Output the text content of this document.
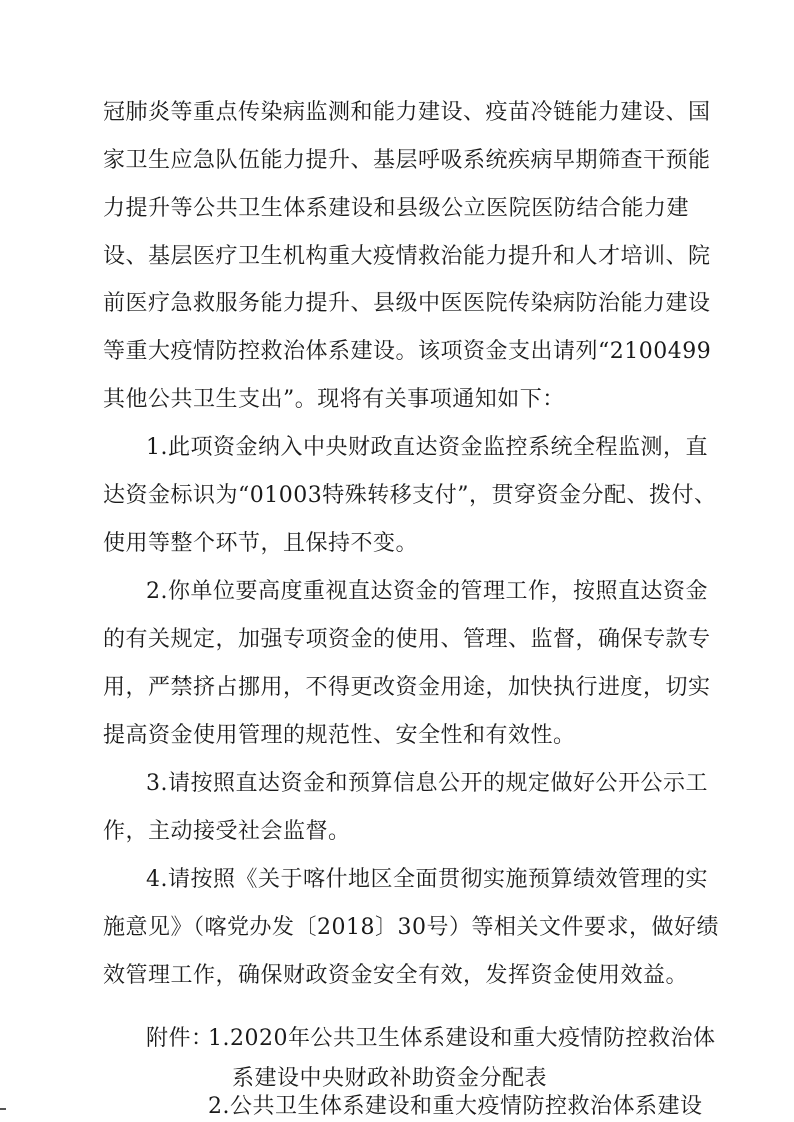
冠肺炎等重点传染病监测和能力建设、疫苗冷链能力建设、国
家卫生应急队伍能力提升、基层呼吸系统疾病早期筛查干预能
力提升等公共卫生体系建设和县级公立医院医防结合能力建
设、基层医疗卫生机构重大疫情救治能力提升和人才培训、院
前医疗急救服务能力提升、县级中医医院传染病防治能力建设
等重大疫情防控救治体系建设。该项资金支出请列“2100499
其他公共卫生支出”。现将有关事项通知如下：
1.此项资金纳入中央财政直达资金监控系统全程监测，直
达资金标识为“01003特殊转移支付”，贯穿资金分配、拨付、
使用等整个环节，且保持不变。
2.你单位要高度重视直达资金的管理工作，按照直达资金
的有关规定，加强专项资金的使用、管理、监督，确保专款专
用，严禁挤占挪用，不得更改资金用途，加快执行进度，切实
提高资金使用管理的规范性、安全性和有效性。
3.请按照直达资金和预算信息公开的规定做好公开公示工
作，主动接受社会监督。
4.请按照《关于喀什地区全面贯彻实施预算绩效管理的实
施意见》（喀党办发〔2018〕30号）等相关文件要求，做好绩
效管理工作，确保财政资金安全有效，发挥资金使用效益。
附件：
1.2020年公共卫生体系建设和重大疫情防控救治体
系建设中央财政补助资金分配表
2.公共卫生体系建设和重大疫情防控救治体系建设
